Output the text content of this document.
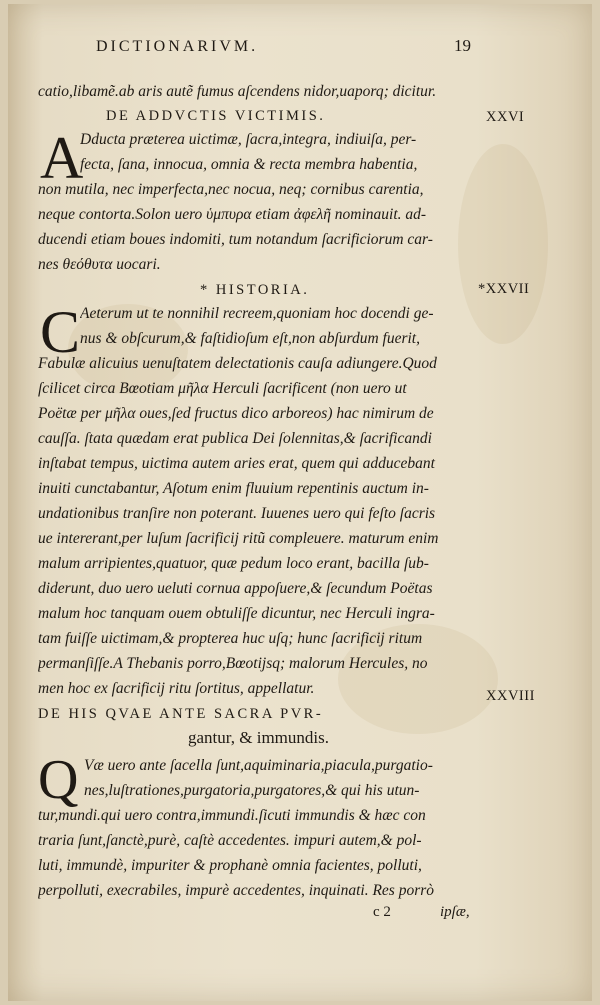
DICTIONARIVM.	19
catio,libamẽ.ab aris autẽ fumus aſcendens nidor,uaporq; dicitur.
DE ADDVCTIS VICTIMIS.
A
Dducta præterea uictimæ, ſacra,integra, indiuiſa, per-
fecta, ſana, innocua, omnia & recta membra habentia,
non mutila, nec imperfecta,nec nocua, neq; cornibus carentia,
neque contorta.Solon uero ὑμπυρα etiam ἀφελῆ nominauit. ad-
ducendi etiam boues indomiti, tum notandum ſacrificiorum car-
nes θεόθυτα uocari.
* HISTORIA.
C Aeterum ut te nonnihil recreem,quoniam hoc docendi ge-
nus & obſcurum,& faſtidioſum eſt,non abſurdum fuerit,
Fabulæ alicuius uenuſtatem delectationis cauſa adiungere.Quod
ſcilicet circa Bœotiam μῆλα Herculi ſacrificent (non uero ut
Poëtæ per μῆλα oues,ſed fructus dico arboreos) hac nimirum de
cauſſa. ſtata quædam erat publica Dei ſolennitas,& ſacrificandi
inſtabat tempus, uictima autem aries erat, quem qui adducebant
inuiti cunctabantur, Aſotum enim fluuium repentinis auctum in-
undationibus tranſire non poterant. Iuuenes uero qui feſto ſacris
ue intererant,per luſum ſacrificij ritũ compleuere. maturum enim
malum arripientes,quatuor, quæ pedum loco erant, bacilla ſub-
diderunt, duo uero ueluti cornua appoſuere,& ſecundum Poëtas
malum hoc tanquam ouem obtuliſſe dicuntur, nec Herculi ingra-
tam fuiſſe uictimam,& propterea huc uſq; hunc ſacrificij ritum
permanſiſſe.A Thebanis porro,Bœotijsq; malorum Hercules, no
men hoc ex ſacrificij ritu ſortitus, appellatur.
DE HIS QVAE ANTE SACRA PVR-
gantur, & immundis.
Q Væ uero ante ſacella ſunt,aquiminaria,piacula,purgatio-
nes,luſtrationes,purgatoria,purgatores,& qui his utun-
tur,mundi.qui uero contra,immundi.ſicuti immundis & hæc con
traria ſunt,ſanctè,purè, caſtè accedentes. impuri autem,& pol-
luti, immundè, impuriter & prophanè omnia facientes, polluti,
perpolluti, execrabiles, impurè accedentes, inquinati. Res porrò
c 2	ipſæ,
XXVI
*XXVII
XXVIII
